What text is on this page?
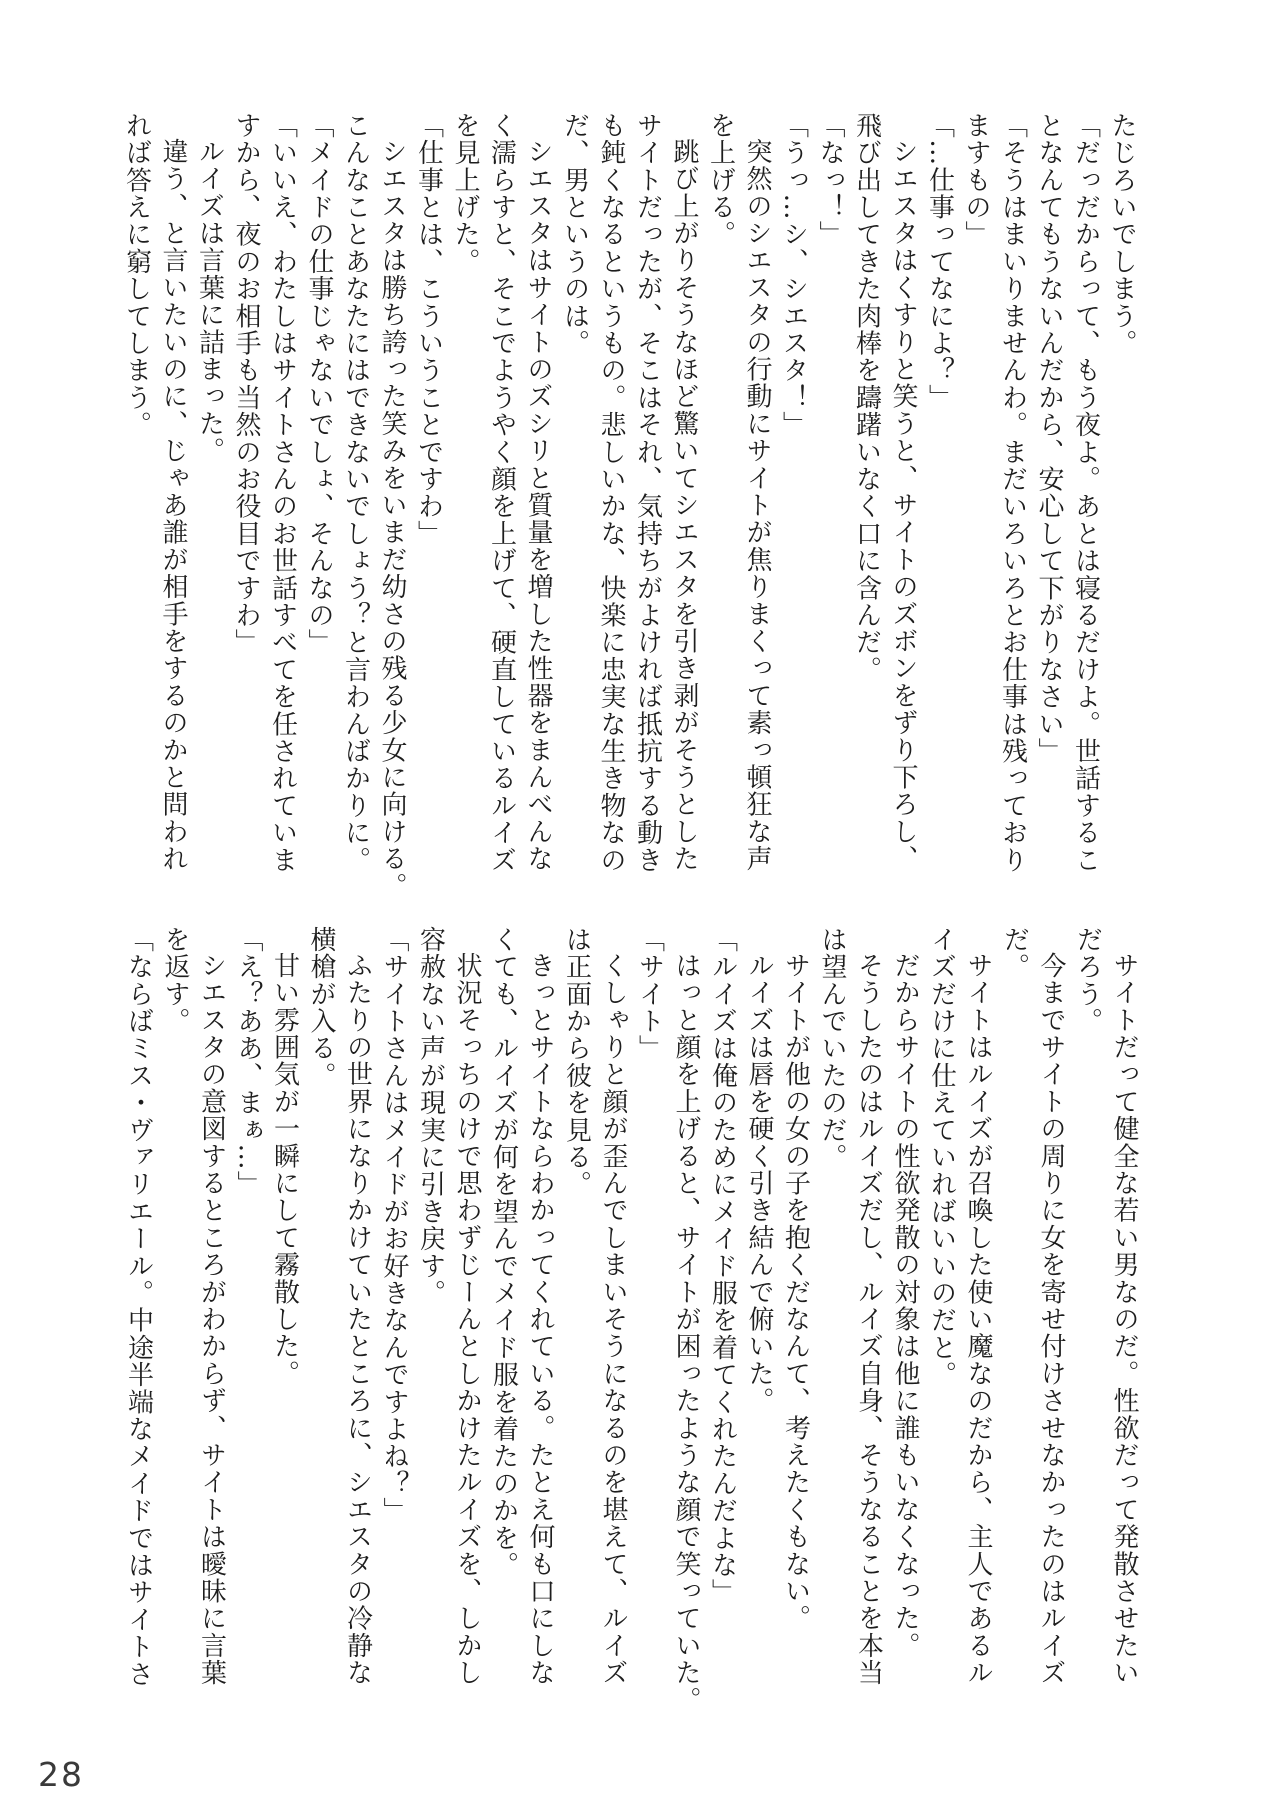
たじろいでしまう。
「だっだからって、もう夜よ。あとは寝るだけよ。世話するこ
となんてもうないんだから、安心して下がりなさい」
「そうはまいりませんわ。まだいろいろとお仕事は残っており
ますもの」
「…仕事ってなによ？」
シエスタはくすりと笑うと、サイトのズボンをずり下ろし、
飛び出してきた肉棒を躊躇いなく口に含んだ。
「なっ！」
「うっ…シ、シエスタ！」
突然のシエスタの行動にサイトが焦りまくって素っ頓狂な声
を上げる。
跳び上がりそうなほど驚いてシエスタを引き剥がそうとした
サイトだったが、そこはそれ、気持ちがよければ抵抗する動き
も鈍くなるというもの。悲しいかな、快楽に忠実な生き物なの
だ、男というのは。
シエスタはサイトのズシリと質量を増した性器をまんべんな
く濡らすと、そこでようやく顔を上げて、硬直しているルイズ
を見上げた。
「仕事とは、こういうことですわ」
シエスタは勝ち誇った笑みをいまだ幼さの残る少女に向ける。
こんなことあなたにはできないでしょう？と言わんばかりに。
「メイドの仕事じゃないでしょ、そんなの」
「いいえ、わたしはサイトさんのお世話すべてを任されていま
すから、夜のお相手も当然のお役目ですわ」
ルイズは言葉に詰まった。
違う、と言いたいのに、じゃあ誰が相手をするのかと問われ
れば答えに窮してしまう。
サイトだって健全な若い男なのだ。性欲だって発散させたい
だろう。
今までサイトの周りに女を寄せ付けさせなかったのはルイズ
だ。
サイトはルイズが召喚した使い魔なのだから、主人であるル
イズだけに仕えていればいいのだと。
だからサイトの性欲発散の対象は他に誰もいなくなった。
そうしたのはルイズだし、ルイズ自身、そうなることを本当
は望んでいたのだ。
サイトが他の女の子を抱くだなんて、考えたくもない。
ルイズは唇を硬く引き結んで俯いた。
「ルイズは俺のためにメイド服を着てくれたんだよな」
はっと顔を上げると、サイトが困ったような顔で笑っていた。
「サイト」
くしゃりと顔が歪んでしまいそうになるのを堪えて、ルイズ
は正面から彼を見る。
きっとサイトならわかってくれている。たとえ何も口にしな
くても、ルイズが何を望んでメイド服を着たのかを。
状況そっちのけで思わずじーんとしかけたルイズを、しかし
容赦ない声が現実に引き戻す。
「サイトさんはメイドがお好きなんですよね？」
ふたりの世界になりかけていたところに、シエスタの冷静な
横槍が入る。
甘い雰囲気が一瞬にして霧散した。
「え？ああ、まぁ…」
シエスタの意図するところがわからず、サイトは曖昧に言葉
を返す。
「ならばミス・ヴァリエール。中途半端なメイドではサイトさ
28
